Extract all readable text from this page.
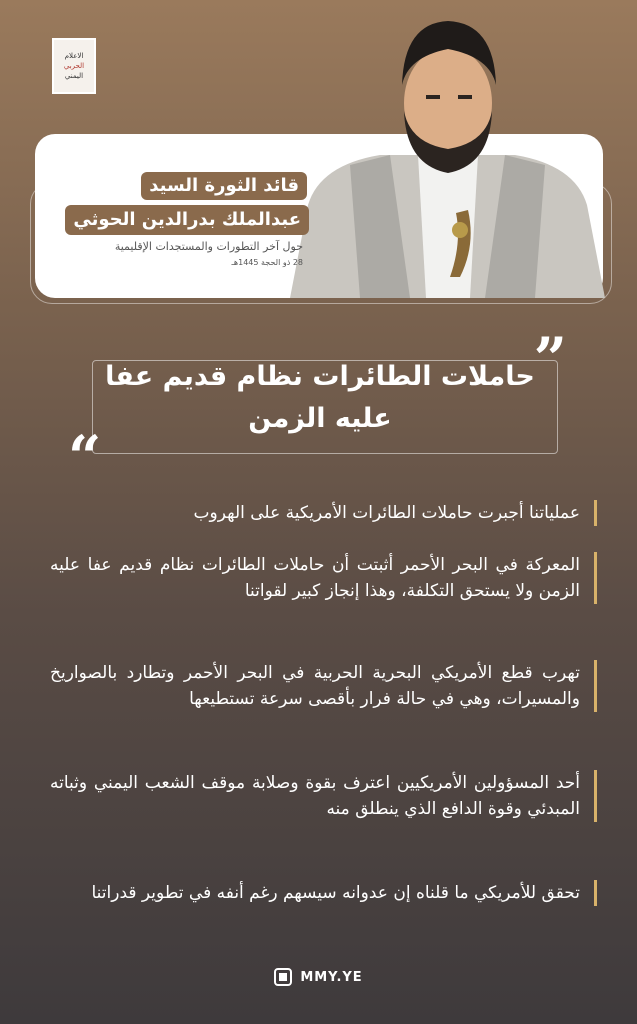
الاعلام
الحربي
اليمني
قائد الثورة السيد
عبدالملك بدرالدين الحوثي
حول آخر التطورات والمستجدات الإقليمية
28 ذو الحجة 1445هـ
”
“
حاملات الطائرات نظام قديم عفا عليه الزمن
عملياتنا أجبرت حاملات الطائرات الأمريكية على الهروب
المعركة في البحر الأحمر أثبتت أن حاملات الطائرات نظام قديم عفا عليه الزمن ولا يستحق التكلفة، وهذا إنجاز كبير لقواتنا
تهرب قطع الأمريكي البحرية الحربية في البحر الأحمر وتطارد بالصواريخ والمسيرات، وهي في حالة فرار بأقصى سرعة تستطيعها
أحد المسؤولين الأمريكيين اعترف بقوة وصلابة موقف الشعب اليمني وثباته المبدئي وقوة الدافع الذي ينطلق منه
تحقق للأمريكي ما قلناه إن عدوانه سيسهم رغم أنفه في تطوير قدراتنا
MMY.YE
